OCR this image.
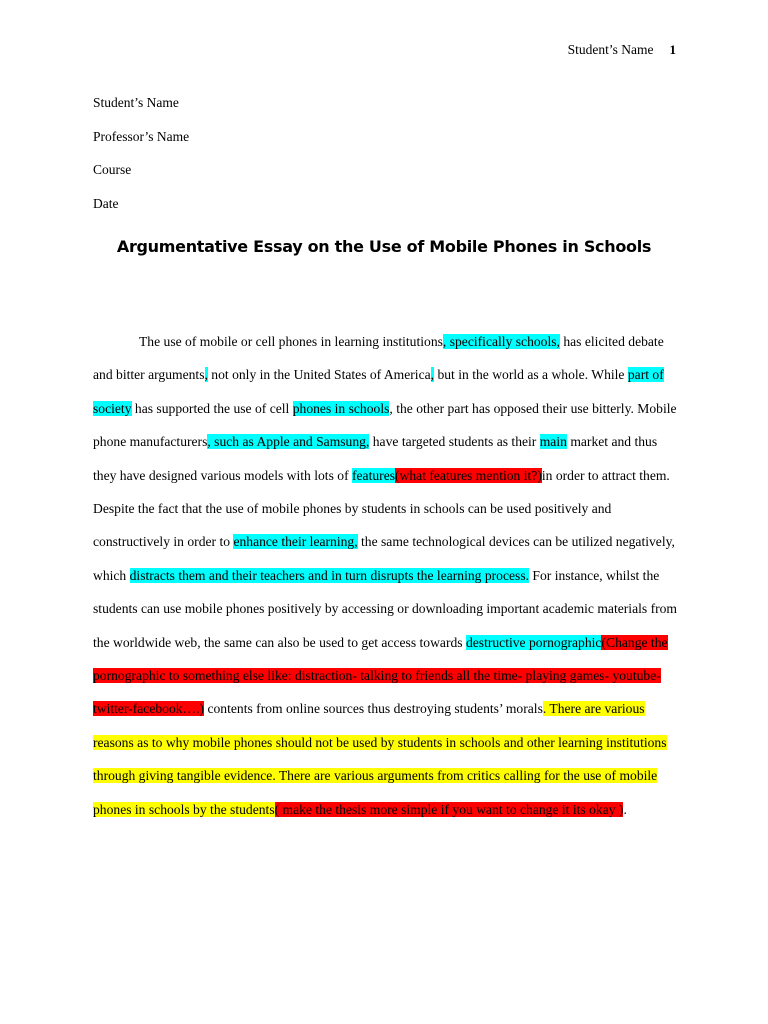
Student’s Name 1
Student’s Name
Professor’s Name
Course
Date
Argumentative Essay on the Use of Mobile Phones in Schools
The use of mobile or cell phones in learning institutions, specifically schools, has elicited debate and bitter arguments, not only in the United States of America, but in the world as a whole. While part of society has supported the use of cell phones in schools, the other part has opposed their use bitterly. Mobile phone manufacturers, such as Apple and Samsung, have targeted students as their main market and thus they have designed various models with lots of features(what features mention it?)in order to attract them. Despite the fact that the use of mobile phones by students in schools can be used positively and constructively in order to enhance their learning, the same technological devices can be utilized negatively, which distracts them and their teachers and in turn disrupts the learning process. For instance, whilst the students can use mobile phones positively by accessing or downloading important academic materials from the worldwide web, the same can also be used to get access towards destructive pornographic(Change the pornographic to something else like: distraction- talking to friends all the time- playing games- youtube-twitter-facebook….) contents from online sources thus destroying students’ morals. There are various reasons as to why mobile phones should not be used by students in schools and other learning institutions through giving tangible evidence. There are various arguments from critics calling for the use of mobile phones in schools by the students( make the thesis more simple if you want to change it its okay ).
